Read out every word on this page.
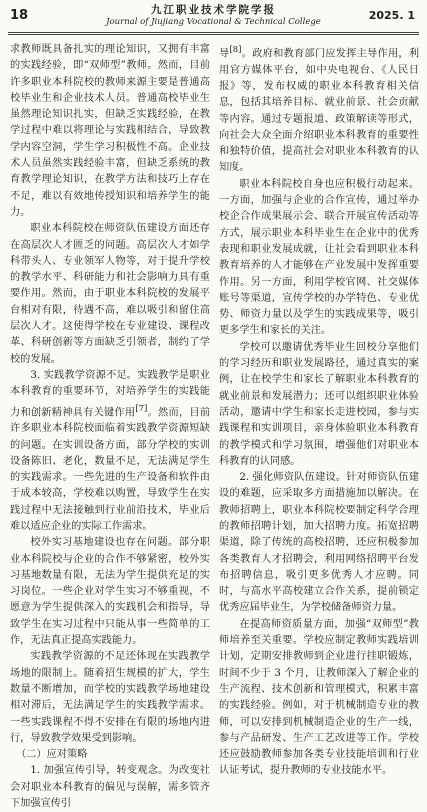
18	九江职业技术学院学报
Journal of Jiujiang Vocational & Technical College	2025. 1

求教师既具备扎实的理论知识，又拥有丰富的实践经验，即“双师型”教师。然而，目前许多职业本科院校的教师来源主要是普通高校毕业生和企业技术人员。普通高校毕业生虽然理论知识扎实，但缺乏实践经验，在教学过程中难以将理论与实践相结合，导致教学内容空洞，学生学习积极性不高。企业技术人员虽然实践经验丰富，但缺乏系统的教育教学理论知识，在教学方法和技巧上存在不足，难以有效地传授知识和培养学生的能力。

职业本科院校在师资队伍建设方面还存在高层次人才匮乏的问题。高层次人才如学科带头人、专业领军人物等，对于提升学校的教学水平、科研能力和社会影响力具有重要作用。然而，由于职业本科院校的发展平台相对有限，待遇不高，难以吸引和留住高层次人才。这使得学校在专业建设、课程改革、科研创新等方面缺乏引领者，制约了学校的发展。

3. 实践教学资源不足。实践教学是职业本科教育的重要环节，对培养学生的实践能力和创新精神具有关键作用[7]。然而，目前许多职业本科院校面临着实践教学资源短缺的问题。在实训设备方面，部分学校的实训设备陈旧、老化，数量不足，无法满足学生的实践需求。一些先进的生产设备和软件由于成本较高，学校难以购置，导致学生在实践过程中无法接触到行业前沿技术，毕业后难以适应企业的实际工作需求。

校外实习基地建设也存在问题。部分职业本科院校与企业的合作不够紧密，校外实习基地数量有限，无法为学生提供充足的实习岗位。一些企业对学生实习不够重视，不愿意为学生提供深入的实践机会和指导，导致学生在实习过程中只能从事一些简单的工作，无法真正提高实践能力。

实践教学资源的不足还体现在实践教学场地的限制上。随着招生规模的扩大，学生数量不断增加，而学校的实践教学场地建设相对滞后，无法满足学生的实践教学需求。一些实践课程不得不安排在有限的场地内进行，导致教学效果受到影响。

（二）应对策略

1. 加强宣传引导，转变观念。为改变社会对职业本科教育的偏见与误解，需多管齐下加强宣传引

导[8]。政府和教育部门应发挥主导作用，利用官方媒体平台，如中央电视台、《人民日报》等，发布权威的职业本科教育相关信息，包括其培养目标、就业前景、社会贡献等内容。通过专题报道、政策解读等形式，向社会大众全面介绍职业本科教育的重要性和独特价值，提高社会对职业本科教育的认知度。

职业本科院校自身也应积极行动起来。一方面，加强与企业的合作宣传，通过举办校企合作成果展示会、联合开展宣传活动等方式，展示职业本科毕业生在企业中的优秀表现和职业发展成就，让社会看到职业本科教育培养的人才能够在产业发展中发挥重要作用。另一方面，利用学校官网、社交媒体账号等渠道，宣传学校的办学特色、专业优势、师资力量以及学生的实践成果等，吸引更多学生和家长的关注。

学校可以邀请优秀毕业生回校分享他们的学习经历和职业发展路径，通过真实的案例，让在校学生和家长了解职业本科教育的就业前景和发展潜力；还可以组织职业体验活动，邀请中学生和家长走进校园，参与实践课程和实训项目，亲身体验职业本科教育的教学模式和学习氛围，增强他们对职业本科教育的认同感。

2. 强化师资队伍建设。针对师资队伍建设的难题，应采取多方面措施加以解决。在教师招聘上，职业本科院校要制定科学合理的教师招聘计划，加大招聘力度。拓宽招聘渠道，除了传统的高校招聘，还应积极参加各类教育人才招聘会，利用网络招聘平台发布招聘信息，吸引更多优秀人才应聘。同时，与高水平高校建立合作关系，提前锁定优秀应届毕业生，为学校储备师资力量。

在提高师资质量方面，加强“双师型”教师培养至关重要。学校应制定教师实践培训计划，定期安排教师到企业进行挂职锻炼，时间不少于 3 个月，让教师深入了解企业的生产流程、技术创新和管理模式，积累丰富的实践经验。例如，对于机械制造专业的教师，可以安排到机械制造企业的生产一线，参与产品研发、生产工艺改进等工作。学校还应鼓励教师参加各类专业技能培训和行业认证考试，提升教师的专业技能水平。
